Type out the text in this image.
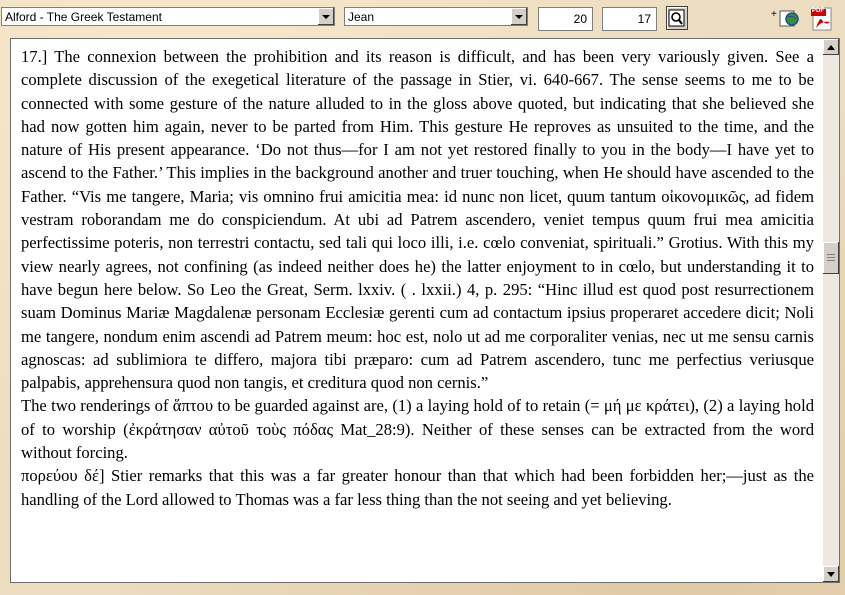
Alford - The Greek Testament	Jean	20	17	+	PDF

17.] The connexion between the prohibition and its reason is difficult, and has been very variously given. See a complete discussion of the exegetical literature of the passage in Stier, vi. 640-667. The sense seems to me to be connected with some gesture of the nature alluded to in the gloss above quoted, but indicating that she believed she had now gotten him again, never to be parted from Him. This gesture He reproves as unsuited to the time, and the nature of His present appearance. ‘Do not thus—for I am not yet restored finally to you in the body—I have yet to ascend to the Father.’ This implies in the background another and truer touching, when He should have ascended to the Father. “Vis me tangere, Maria; vis omnino frui amicitia mea: id nunc non licet, quum tantum οἰκονομικῶς, ad fidem vestram roborandam me do conspiciendum. At ubi ad Patrem ascendero, veniet tempus quum frui mea amicitia perfectissime poteris, non terrestri contactu, sed tali qui loco illi, i.e. cœlo conveniat, spirituali.” Grotius. With this my view nearly agrees, not confining (as indeed neither does he) the latter enjoyment to in cœlo, but understanding it to have begun here below. So Leo the Great, Serm. lxxiv. ( . lxxii.) 4, p. 295: “Hinc illud est quod post resurrectionem suam Dominus Mariæ Magdalenæ personam Ecclesiæ gerenti cum ad contactum ipsius properaret accedere dicit; Noli me tangere, nondum enim ascendi ad Patrem meum: hoc est, nolo ut ad me corporaliter venias, nec ut me sensu carnis agnoscas: ad sublimiora te differo, majora tibi præparo: cum ad Patrem ascendero, tunc me perfectius veriusque palpabis, apprehensura quod non tangis, et creditura quod non cernis.”

The two renderings of ἅπτου to be guarded against are, (1) a laying hold of to retain (= μή με κράτει), (2) a laying hold of to worship (ἐκράτησαν αὐτοῦ τοὺς πόδας Mat_28:9). Neither of these senses can be extracted from the word without forcing.

πορεύου δέ] Stier remarks that this was a far greater honour than that which had been forbidden her;—just as the handling of the Lord allowed to Thomas was a far less thing than the not seeing and yet believing.
